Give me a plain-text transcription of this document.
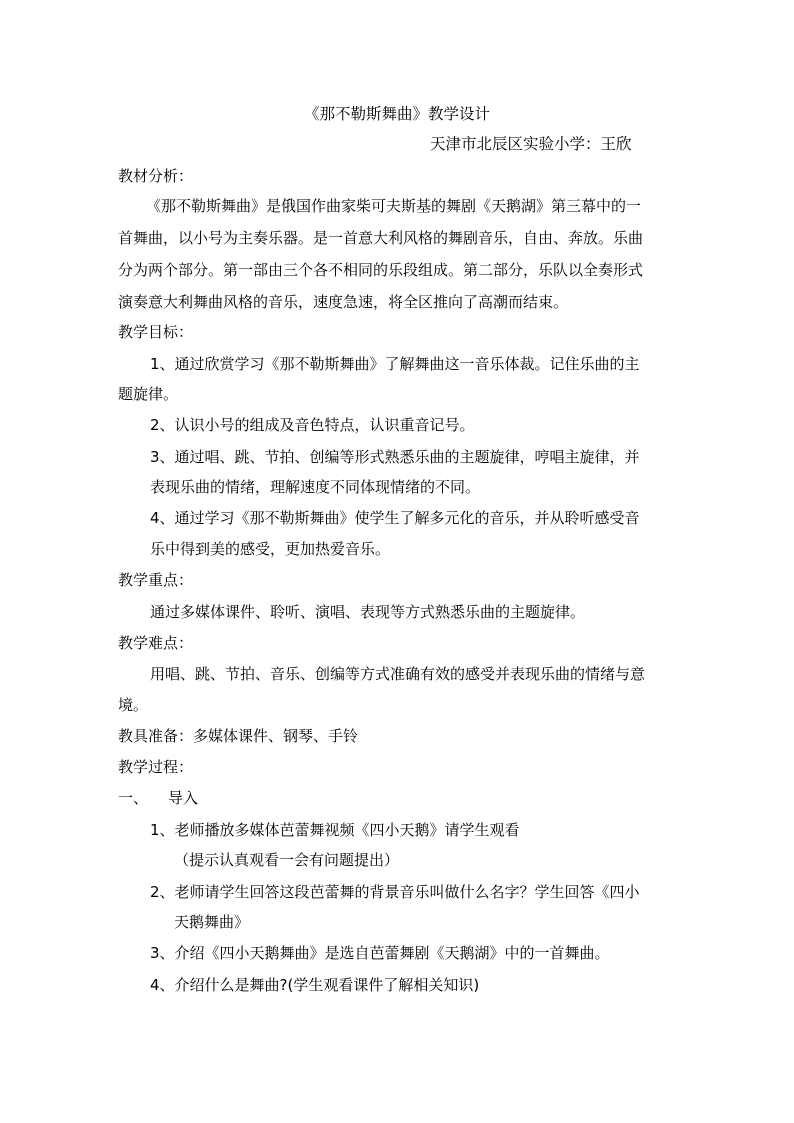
《那不勒斯舞曲》教学设计
天津市北辰区实验小学：王欣
教材分析：
《那不勒斯舞曲》是俄国作曲家柴可夫斯基的舞剧《天鹅湖》第三幕中的一
首舞曲，以小号为主奏乐器。是一首意大利风格的舞剧音乐，自由、奔放。乐曲
分为两个部分。第一部由三个各不相同的乐段组成。第二部分，乐队以全奏形式
演奏意大利舞曲风格的音乐，速度急速，将全区推向了高潮而结束。
教学目标：
1、通过欣赏学习《那不勒斯舞曲》了解舞曲这一音乐体裁。记住乐曲的主
题旋律。
2、认识小号的组成及音色特点，认识重音记号。
3、通过唱、跳、节拍、创编等形式熟悉乐曲的主题旋律，哼唱主旋律，并
表现乐曲的情绪，理解速度不同体现情绪的不同。
4、通过学习《那不勒斯舞曲》使学生了解多元化的音乐，并从聆听感受音
乐中得到美的感受，更加热爱音乐。
教学重点：
通过多媒体课件、聆听、演唱、表现等方式熟悉乐曲的主题旋律。
教学难点：
用唱、跳、节拍、音乐、创编等方式准确有效的感受并表现乐曲的情绪与意
境。
教具准备：多媒体课件、钢琴、手铃
教学过程：
一、 导入
1、老师播放多媒体芭蕾舞视频《四小天鹅》请学生观看
（提示认真观看一会有问题提出）
2、老师请学生回答这段芭蕾舞的背景音乐叫做什么名字？学生回答《四小
天鹅舞曲》
3、介绍《四小天鹅舞曲》是选自芭蕾舞剧《天鹅湖》中的一首舞曲。
4、介绍什么是舞曲?(学生观看课件了解相关知识)
